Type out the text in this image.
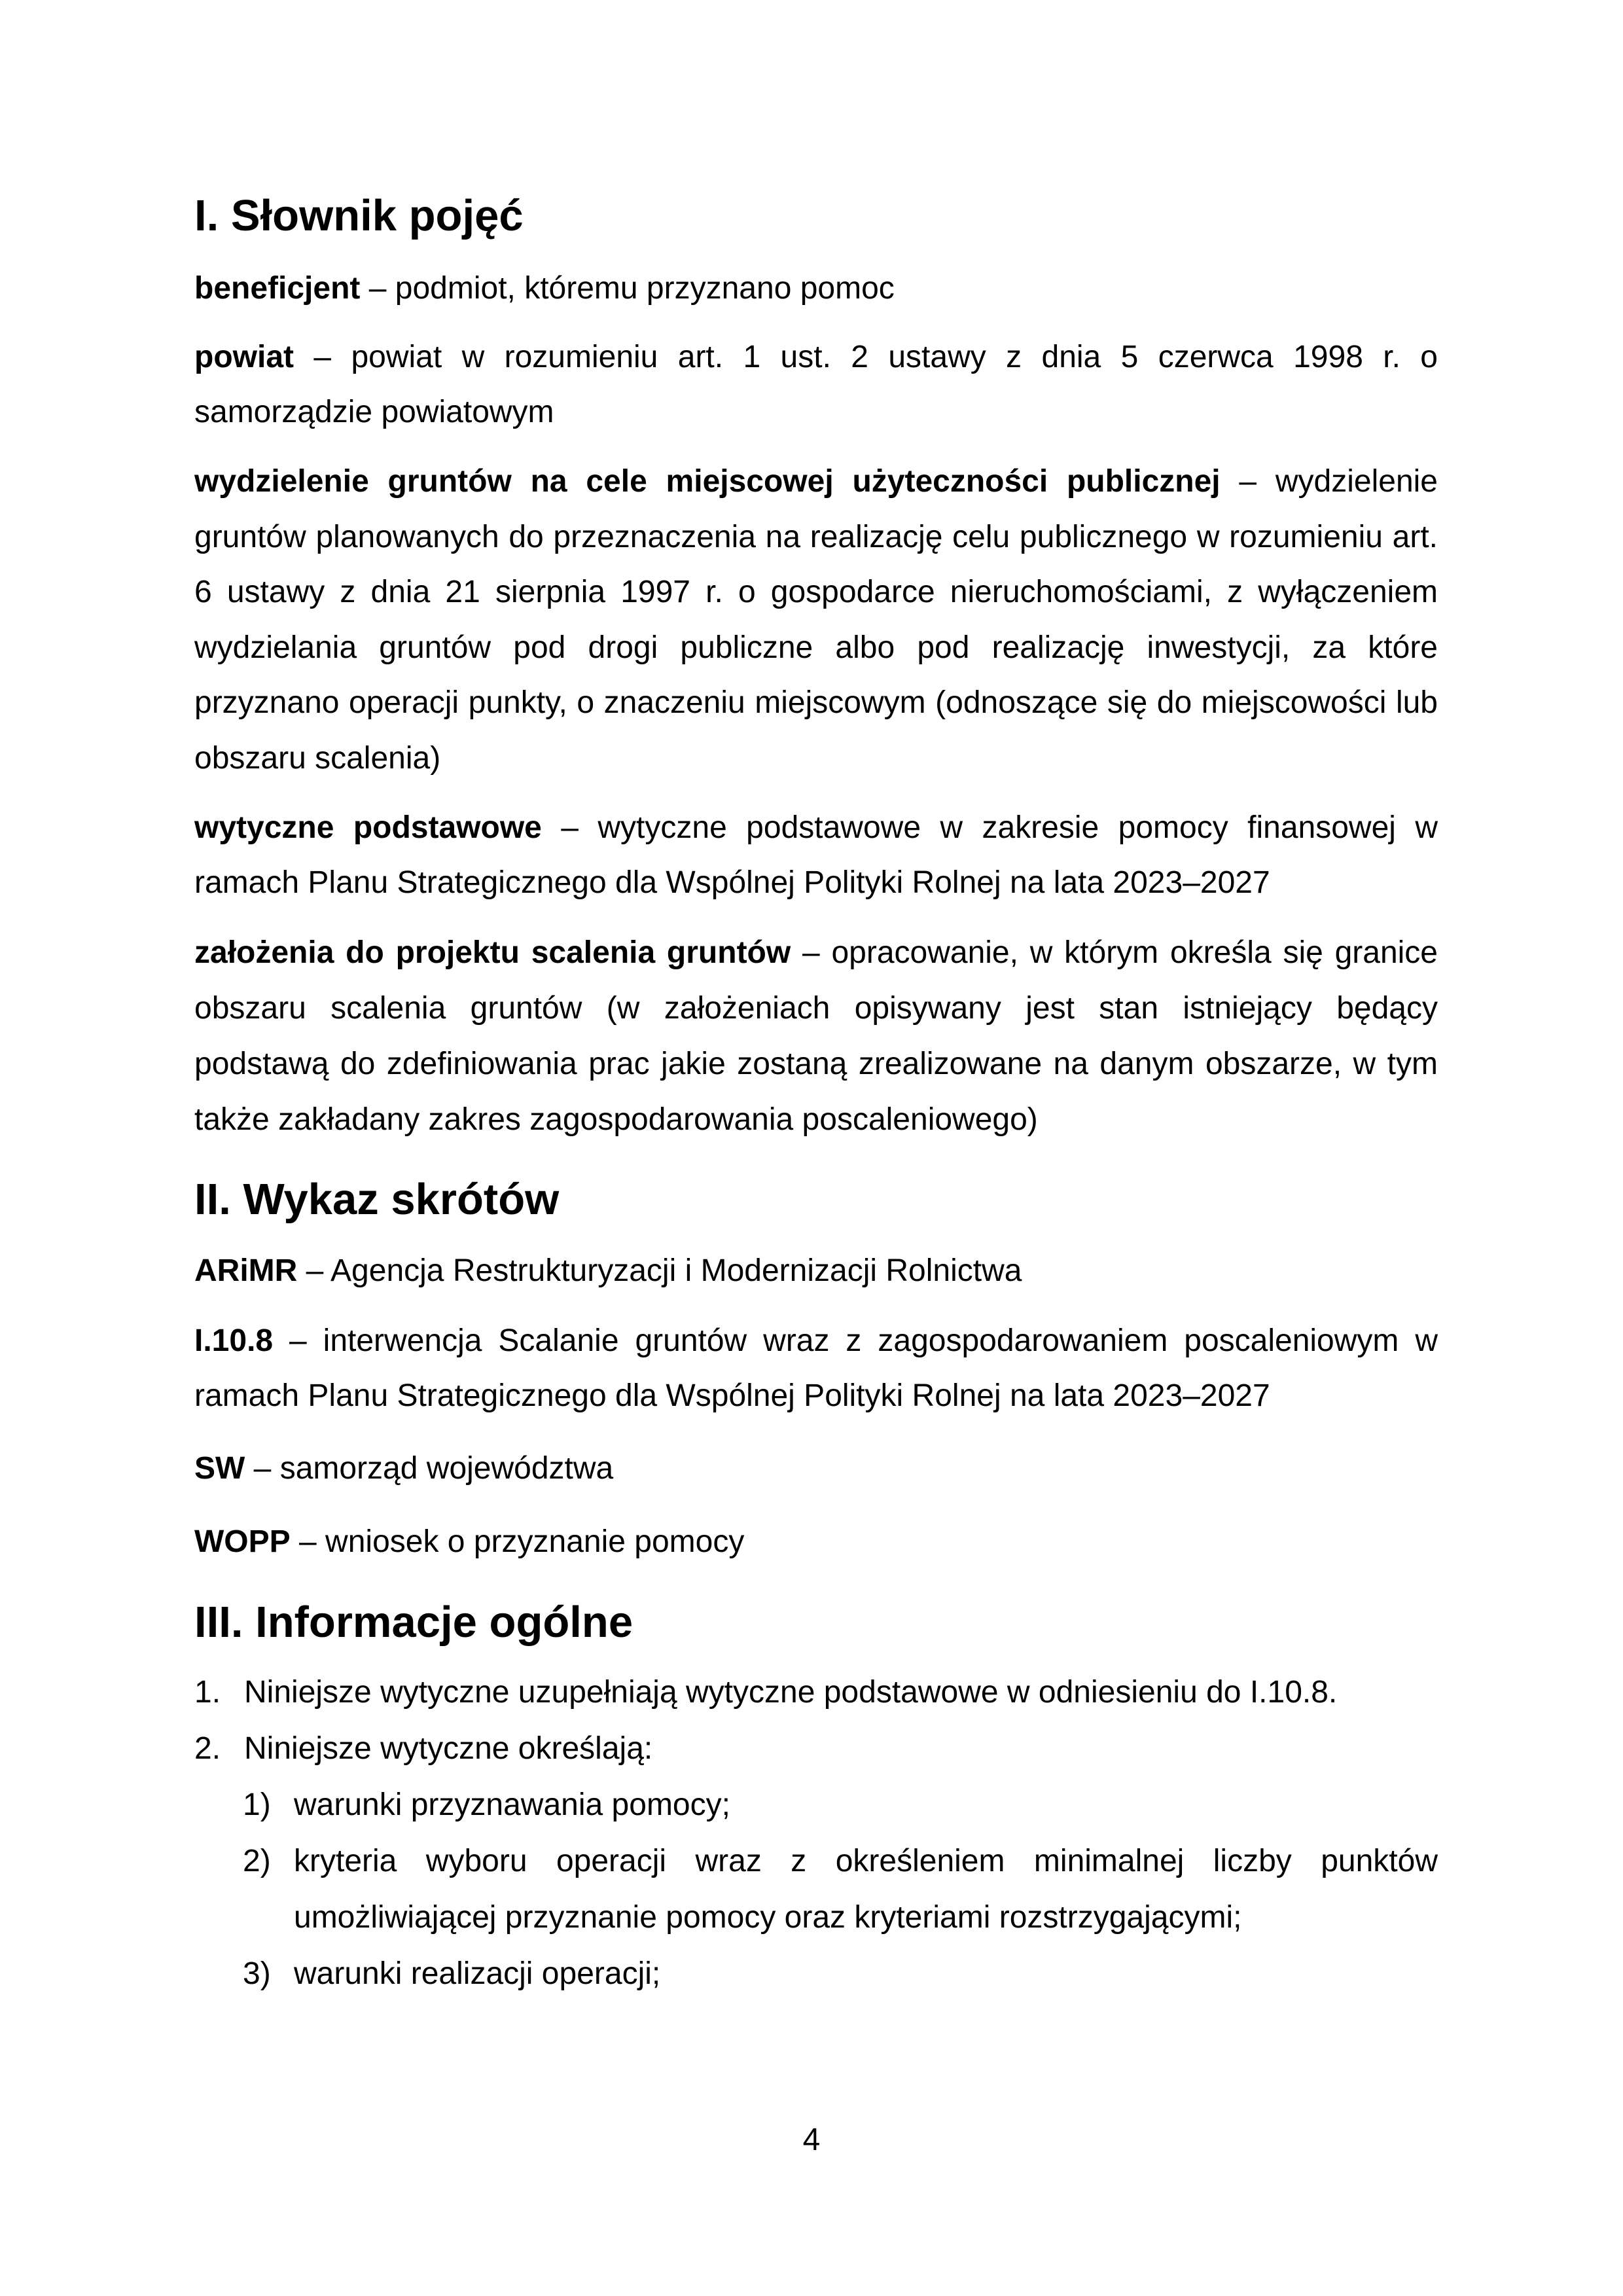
I. Słownik pojęć

beneficjent – podmiot, któremu przyznano pomoc

powiat – powiat w rozumieniu art. 1 ust. 2 ustawy z dnia 5 czerwca 1998 r. o samorządzie powiatowym

wydzielenie gruntów na cele miejscowej użyteczności publicznej – wydzielenie gruntów planowanych do przeznaczenia na realizację celu publicznego w rozumieniu art. 6 ustawy z dnia 21 sierpnia 1997 r. o gospodarce nieruchomościami, z wyłączeniem wydzielania gruntów pod drogi publiczne albo pod realizację inwestycji, za które przyznano operacji punkty, o znaczeniu miejscowym (odnoszące się do miejscowości lub obszaru scalenia)

wytyczne podstawowe – wytyczne podstawowe w zakresie pomocy finansowej w ramach Planu Strategicznego dla Wspólnej Polityki Rolnej na lata 2023–2027

założenia do projektu scalenia gruntów – opracowanie, w którym określa się granice obszaru scalenia gruntów (w założeniach opisywany jest stan istniejący będący podstawą do zdefiniowania prac jakie zostaną zrealizowane na danym obszarze, w tym także zakładany zakres zagospodarowania poscaleniowego)

II. Wykaz skrótów

ARiMR – Agencja Restrukturyzacji i Modernizacji Rolnictwa

I.10.8 – interwencja Scalanie gruntów wraz z zagospodarowaniem poscaleniowym w ramach Planu Strategicznego dla Wspólnej Polityki Rolnej na lata 2023–2027

SW – samorząd województwa

WOPP – wniosek o przyznanie pomocy

III. Informacje ogólne
1. Niniejsze wytyczne uzupełniają wytyczne podstawowe w odniesieniu do I.10.8.
2. Niniejsze wytyczne określają:
1) warunki przyznawania pomocy;
2) kryteria wyboru operacji wraz z określeniem minimalnej liczby punktów umożliwiającej przyznanie pomocy oraz kryteriami rozstrzygającymi;
3) warunki realizacji operacji;
4
